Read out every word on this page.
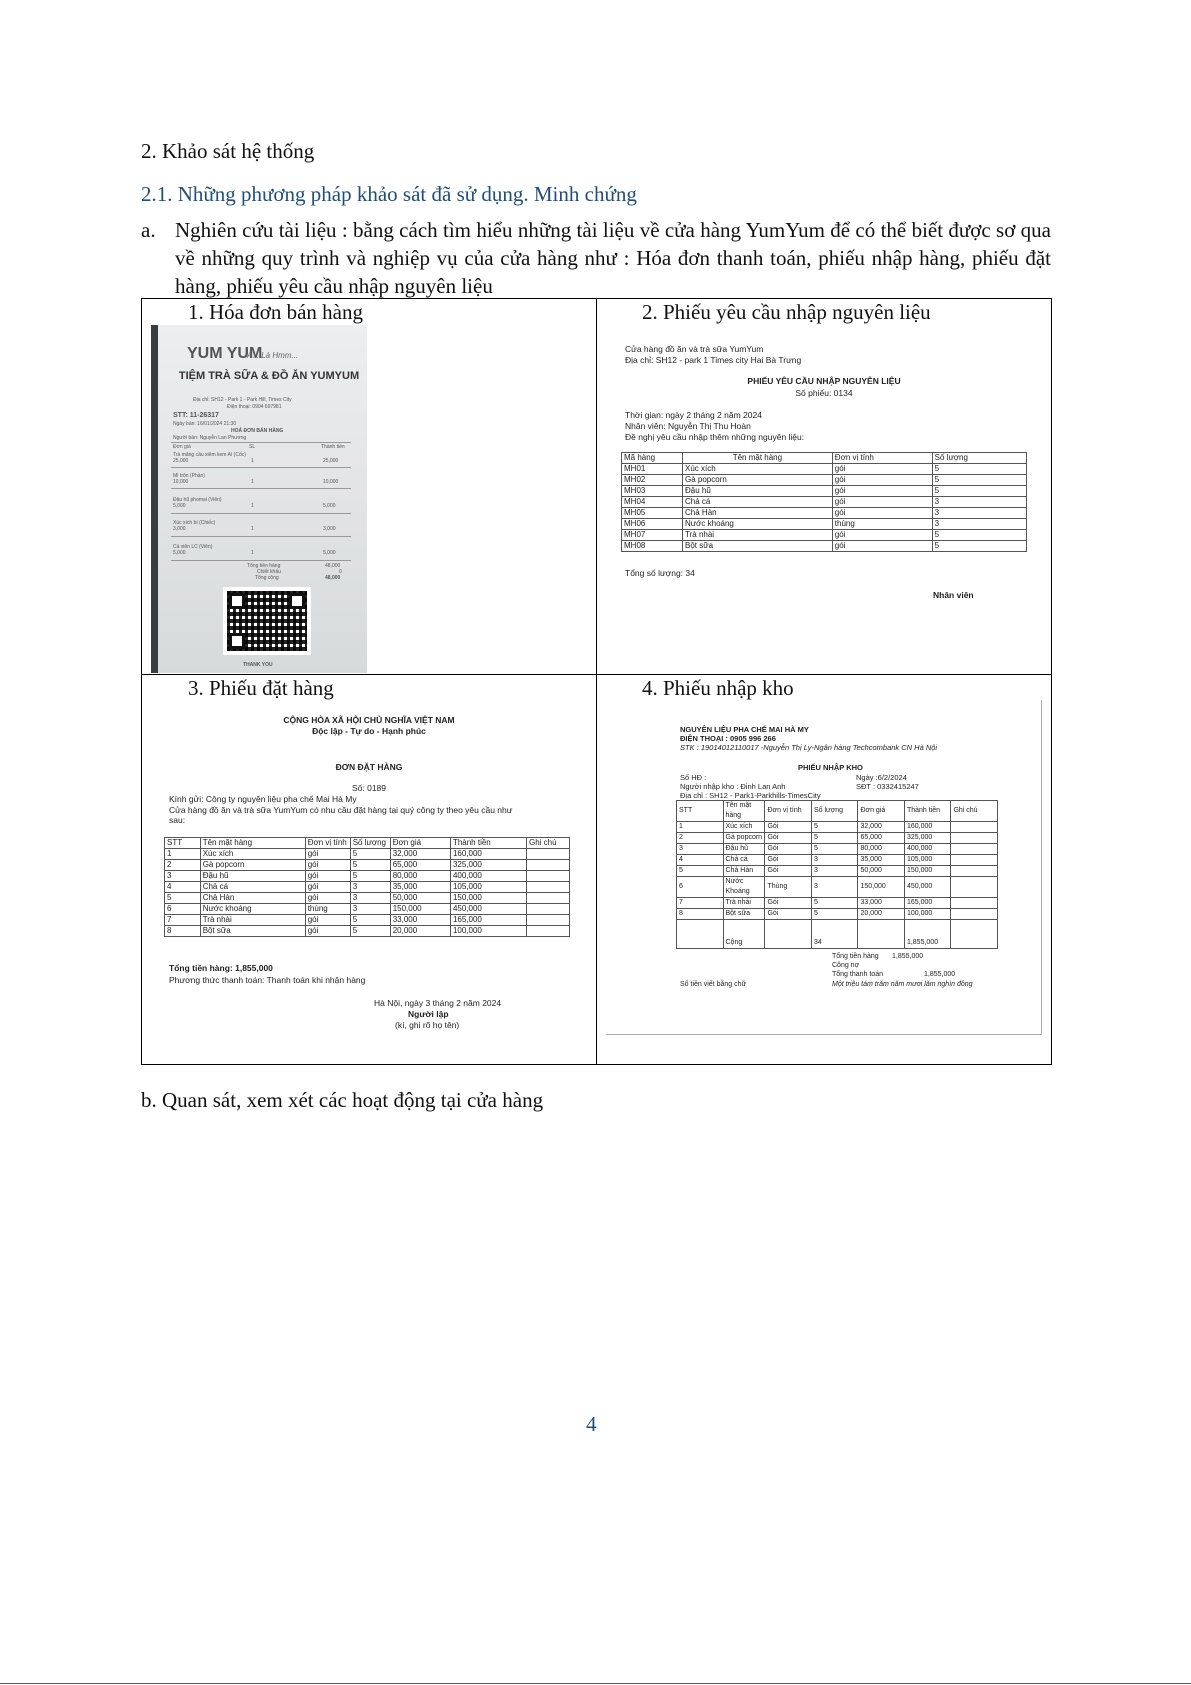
2. Khảo sát hệ thống
2.1. Những phương pháp khảo sát đã sử dụng. Minh chứng
a. Nghiên cứu tài liệu : bằng cách tìm hiểu những tài liệu về cửa hàng YumYum để có thể biết được sơ qua về những quy trình và nghiệp vụ của cửa hàng như : Hóa đơn thanh toán, phiếu nhập hàng, phiếu đặt hàng, phiếu yêu cầu nhập nguyên liệu
1. Hóa đơn bán hàng	2. Phiếu yêu cầu nhập nguyên liệu
3. Phiếu đặt hàng	4. Phiếu nhập kho
YUM YUM
À... Là Hmm...
TIỆM TRÀ SỮA & ĐỒ ĂN YUMYUM
Địa chỉ: SH12 - Park 1 - Park Hill, Times City
Điện thoại: 0904 697981
STT: 11-26317
Ngày bán: 16/01/2024 21:30
HOÁ ĐƠN BÁN HÀNG
Người bán: Nguyễn Lan Phương
Đơn giá	SL	Thành tiền
Trà mãng cầu xiêm kem Aí (Cốc)
25,000	1	25,000
Mì trộn (Phần)
10,000	1	10,000
Đậu hũ phomai (Viên)
5,000	1	5,000
Xúc xích bí (Chiếc)
3,000	1	3,000
Cá viên LC (Viên)
5,000	1	5,000
Tổng tiền hàng	48,000
Chiết khấu	0
Tổng cộng	48,000
THANK YOU
Cửa hàng đồ ăn và trà sữa YumYum
Địa chỉ: SH12 - park 1 Times city Hai Bà Trưng
PHIẾU YÊU CẦU NHẬP NGUYÊN LIỆU
Số phiếu: 0134
Thời gian: ngày 2 tháng 2 năm 2024
Nhân viên: Nguyễn Thị Thu Hoàn
Đề nghị yêu cầu nhập thêm những nguyên liệu:
Mã hàng	Tên mặt hàng	Đơn vị tính	Số lượng
MH01	Xúc xích	gói	5
MH02	Gà popcorn	gói	5
MH03	Đậu hũ	gói	5
MH04	Chả cá	gói	3
MH05	Chả Hàn	gói	3
MH06	Nước khoáng	thùng	3
MH07	Trà nhài	gói	5
MH08	Bột sữa	gói	5
Tổng số lượng: 34
Nhân viên
CỘNG HÒA XÃ HỘI CHỦ NGHĨA VIỆT NAM
Độc lập - Tự do - Hạnh phúc
ĐƠN ĐẶT HÀNG
Số: 0189
Kính gửi: Công ty nguyên liệu pha chế Mai Hà My
Cửa hàng đồ ăn và trà sữa YumYum có nhu cầu đặt hàng tại quý công ty theo yêu cầu như sau:
STT	Tên mặt hàng	Đơn vị tính	Số lượng	Đơn giá	Thành tiền	Ghi chú
1	Xúc xích	gói	5	32,000	160,000	
2	Gà popcorn	gói	5	65,000	325,000	
3	Đậu hũ	gói	5	80,000	400,000	
4	Chả cá	gói	3	35,000	105,000	
5	Chả Hàn	gói	3	50,000	150,000	
6	Nước khoáng	thùng	3	150,000	450,000	
7	Trà nhài	gói	5	33,000	165,000	
8	Bột sữa	gói	5	20,000	100,000	
Tổng tiền hàng: 1,855,000
Phương thức thanh toán: Thanh toán khi nhận hàng
Hà Nội, ngày 3 tháng 2 năm 2024
Người lập
(kí, ghi rõ họ tên)
NGUYÊN LIỆU PHA CHẾ MAI HÀ MY
ĐIỆN THOẠI : 0905 996 266
STK : 19014012110017 -Nguyễn Thị Ly-Ngân hàng Techcombank CN Hà Nội
PHIẾU NHẬP KHO
Số HĐ :	Ngày :6/2/2024
Người nhập kho : Đinh Lan Anh	SĐT : 0332415247
Địa chỉ : SH12 - Park1-Parkhills-TimesCity
STT	Tên mặt hàng	Đơn vị tính	Số lượng	Đơn giá	Thành tiền	Ghi chú
1	Xúc xích	Gói	5	32,000	160,000	
2	Gà popcorn	Gói	5	65,000	325,000	
3	Đậu hũ	Gói	5	80,000	400,000	
4	Chả cá	Gói	3	35,000	105,000	
5	Chả Hàn	Gói	3	50,000	150,000	
6	Nước Khoáng	Thùng	3	150,000	450,000	
7	Trà nhài	Gói	5	33,000	165,000	
8	Bột sữa	Gói	5	20,000	100,000	
	Cộng		34		1,855,000	
Tổng tiền hàng 1,855,000
Công nợ
Tổng thanh toán	1,855,000
Số tiền viết bằng chữ	Một triệu tám trăm năm mươi lăm nghìn đồng
b. Quan sát, xem xét các hoạt động tại cửa hàng
4
